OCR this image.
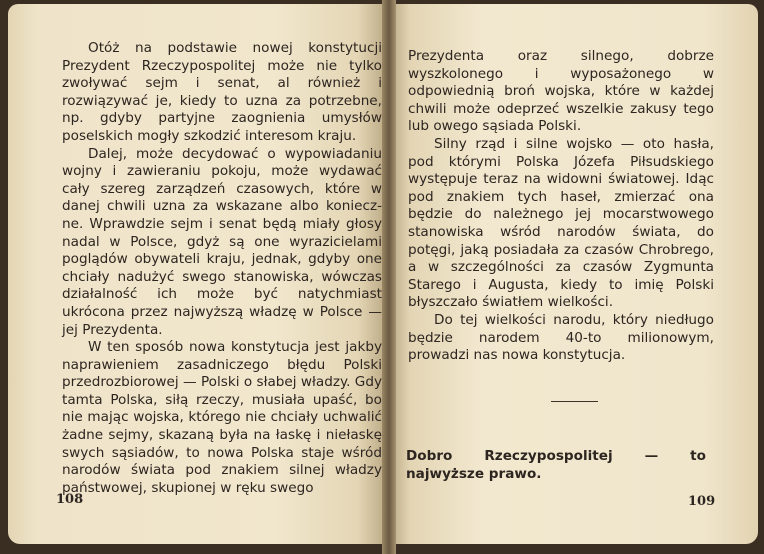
Otóż na podstawie nowej konstytucji Prezydent Rzeczypospolitej może nie tylko zwoływać sejm i senat, al również i rozwiązywać je, kiedy to uzna za potrzebne, np. gdyby partyjne zaognienia umysłów poselskich mogły szkodzić interesom kraju.

Dalej, może decydować o wypowiadaniu wojny i zawieraniu pokoju, może wydawać cały szereg zarządzeń czasowych, które w danej chwili uzna za wskazane albo koniecz-ne. Wprawdzie sejm i senat będą miały głosy nadal w Polsce, gdyż są one wyrazicielami poglądów obywateli kraju, jednak, gdyby one chciały nadużyć swego stanowiska, wówczas działalność ich może być natychmiast ukrócona przez najwyższą władzę w Polsce — jej Prezydenta.

W ten sposób nowa konstytucja jest jakby naprawieniem zasadniczego błędu Polski przedrozbiorowej — Polski o słabej władzy. Gdy tamta Polska, siłą rzeczy, musiała upaść, bo nie mając wojska, którego nie chciały uchwalić żadne sejmy, skazaną była na łaskę i niełaskę swych sąsiadów, to nowa Polska staje wśród narodów świata pod znakiem silnej władzy państwowej, skupionej w ręku swego

108

Prezydenta oraz silnego, dobrze wyszkolonego i wyposażonego w odpowiednią broń wojska, które w każdej chwili może odeprzeć wszelkie zakusy tego lub owego sąsiada Polski.

Silny rząd i silne wojsko — oto hasła, pod którymi Polska Józefa Piłsudskiego występuje teraz na widowni światowej. Idąc pod znakiem tych haseł, zmierzać ona będzie do należnego jej mocarstwowego stanowiska wśród narodów świata, do potęgi, jaką posiadała za czasów Chrobrego, a w szczególności za czasów Zygmunta Starego i Augusta, kiedy to imię Polski błyszczało światłem wielkości.

Do tej wielkości narodu, który niedługo będzie narodem 40-to milionowym, prowadzi nas nowa konstytucja.

Dobro Rzeczypospolitej — to najwyższe prawo.
109
